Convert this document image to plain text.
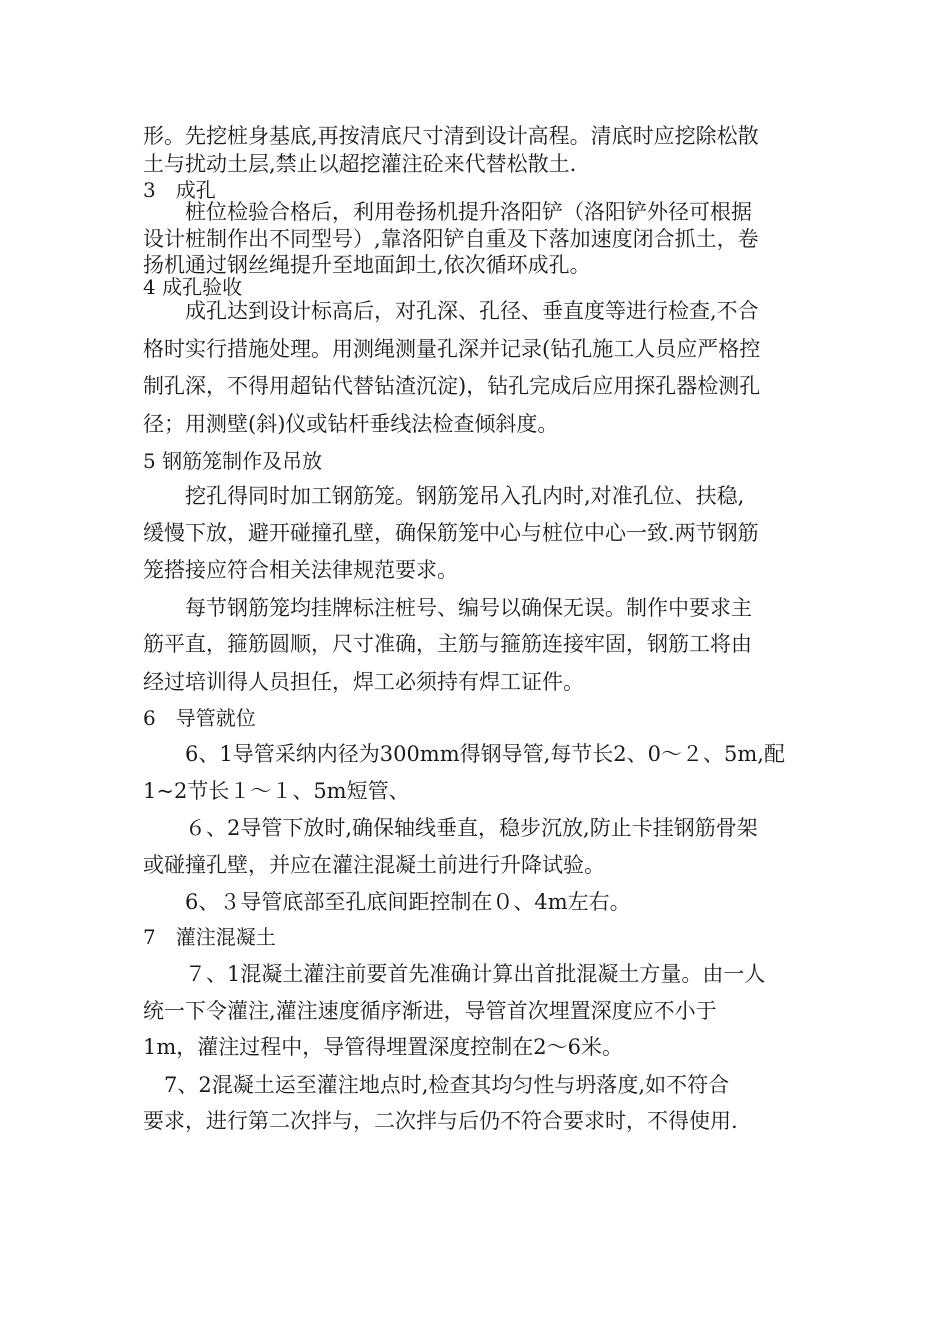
形。先挖桩身基底,再按清底尺寸清到设计高程。清底时应挖除松散
土与扰动土层,禁止以超挖灌注砼来代替松散土.
3　成孔
　　桩位检验合格后，利用卷扬机提升洛阳铲（洛阳铲外径可根据
设计桩制作出不同型号）,靠洛阳铲自重及下落加速度闭合抓土，卷
扬机通过钢丝绳提升至地面卸土,依次循环成孔。
4 成孔验收
　　成孔达到设计标高后，对孔深、孔径、垂直度等进行检查,不合
格时实行措施处理。用测绳测量孔深并记录(钻孔施工人员应严格控
制孔深，不得用超钻代替钻渣沉淀)，钻孔完成后应用探孔器检测孔
径；用测壁(斜)仪或钻杆垂线法检查倾斜度。
5 钢筋笼制作及吊放
　　挖孔得同时加工钢筋笼。钢筋笼吊入孔内时,对准孔位、扶稳,
缓慢下放，避开碰撞孔壁，确保筋笼中心与桩位中心一致.两节钢筋
笼搭接应符合相关法律规范要求。
　　每节钢筋笼均挂牌标注桩号、编号以确保无误。制作中要求主
筋平直，箍筋圆顺，尺寸准确，主筋与箍筋连接牢固，钢筋工将由
经过培训得人员担任，焊工必须持有焊工证件。
6　导管就位
　　6、1导管采纳内径为300mm得钢导管,每节长2、0～２、5m,配
1~2节长１～１、5m短管、
　　６、2导管下放时,确保轴线垂直，稳步沉放,防止卡挂钢筋骨架
或碰撞孔壁，并应在灌注混凝土前进行升降试验。
　　6、３导管底部至孔底间距控制在０、4m左右。
7　灌注混凝土
　　７、1混凝土灌注前要首先准确计算出首批混凝土方量。由一人
统一下令灌注,灌注速度循序渐进，导管首次埋置深度应不小于
1m，灌注过程中，导管得埋置深度控制在2～6米。
　7、2混凝土运至灌注地点时,检查其均匀性与坍落度,如不符合
要求，进行第二次拌与，二次拌与后仍不符合要求时，不得使用.
